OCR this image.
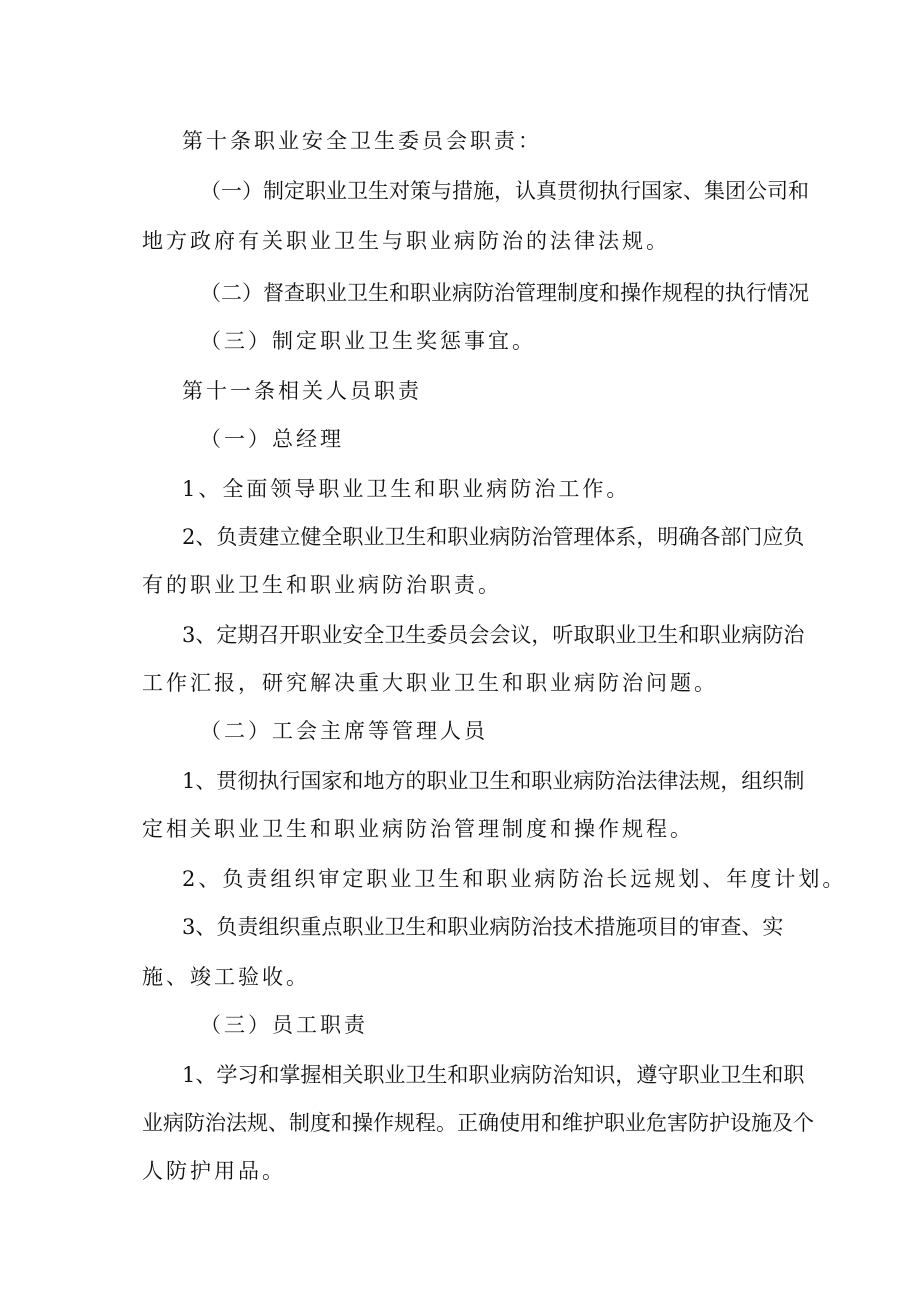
第十条职业安全卫生委员会职责：
（一）制定职业卫生对策与措施，认真贯彻执行国家、集团公司和
地方政府有关职业卫生与职业病防治的法律法规。
（二）督查职业卫生和职业病防治管理制度和操作规程的执行情况
（三）制定职业卫生奖惩事宜。
第十一条相关人员职责
（一）总经理
1、全面领导职业卫生和职业病防治工作。
2、负责建立健全职业卫生和职业病防治管理体系，明确各部门应负
有的职业卫生和职业病防治职责。
3、定期召开职业安全卫生委员会会议，听取职业卫生和职业病防治
工作汇报，研究解决重大职业卫生和职业病防治问题。
（二）工会主席等管理人员
1、贯彻执行国家和地方的职业卫生和职业病防治法律法规，组织制
定相关职业卫生和职业病防治管理制度和操作规程。
2、负责组织审定职业卫生和职业病防治长远规划、年度计划。
3、负责组织重点职业卫生和职业病防治技术措施项目的审查、实
施、竣工验收。
（三）员工职责
1、学习和掌握相关职业卫生和职业病防治知识，遵守职业卫生和职
业病防治法规、制度和操作规程。正确使用和维护职业危害防护设施及个
人防护用品。
